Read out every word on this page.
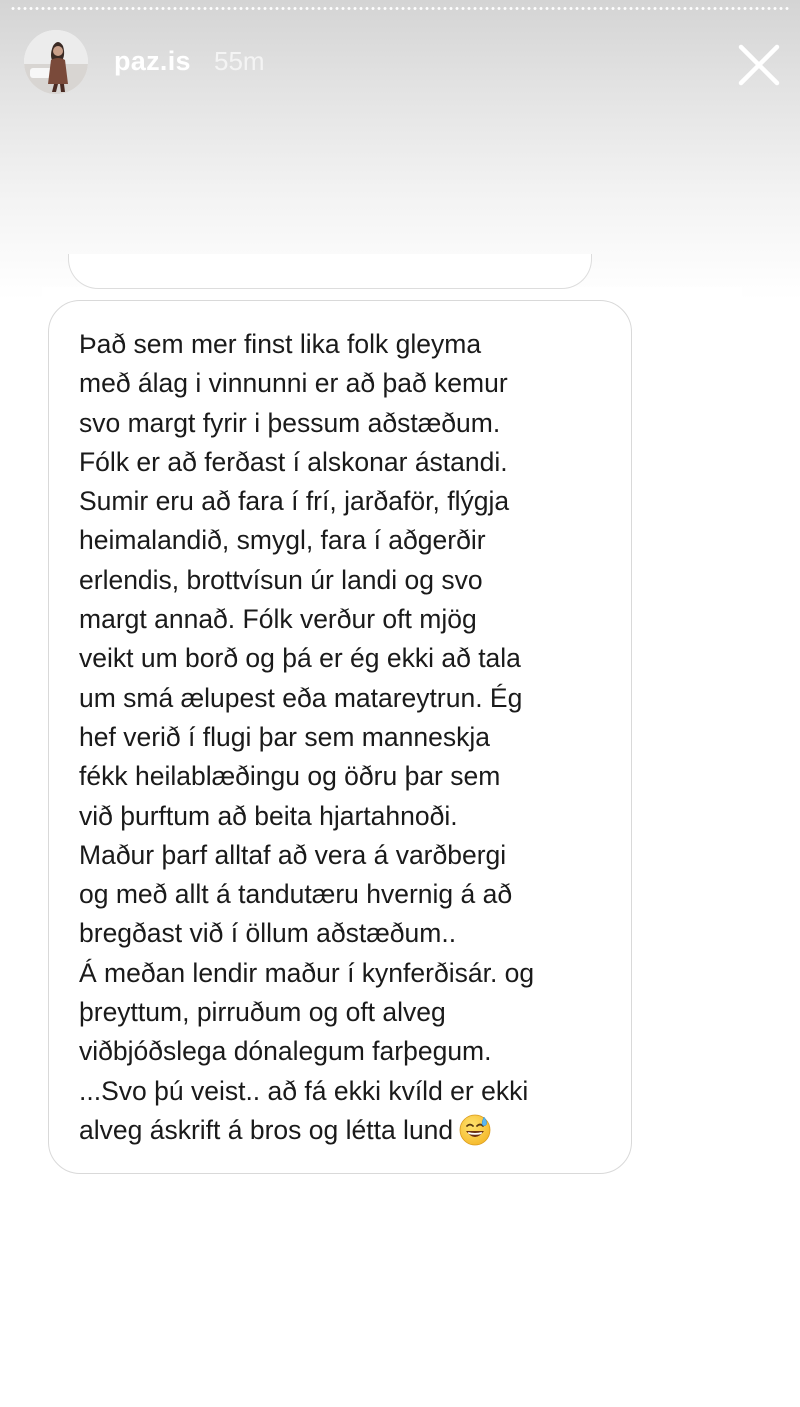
paz.is 55m
Það sem mer finst lika folk gleyma
með álag i vinnunni er að það kemur
svo margt fyrir i þessum aðstæðum.
Fólk er að ferðast í alskonar ástandi.
Sumir eru að fara í frí, jarðaför, flýgja
heimalandið, smygl, fara í aðgerðir
erlendis, brottvísun úr landi og svo
margt annað. Fólk verður oft mjög
veikt um borð og þá er ég ekki að tala
um smá ælupest eða matareytrun. Ég
hef verið í flugi þar sem manneskja
fékk heilablæðingu og öðru þar sem
við þurftum að beita hjartahnoði.
Maður þarf alltaf að vera á varðbergi
og með allt á tandutæru hvernig á að
bregðast við í öllum aðstæðum..
Á meðan lendir maður í kynferðisár. og
þreyttum, pirruðum og oft alveg
viðbjóðslega dónalegum farþegum.
...Svo þú veist.. að fá ekki kvíld er ekki
alveg áskrift á bros og létta lund
